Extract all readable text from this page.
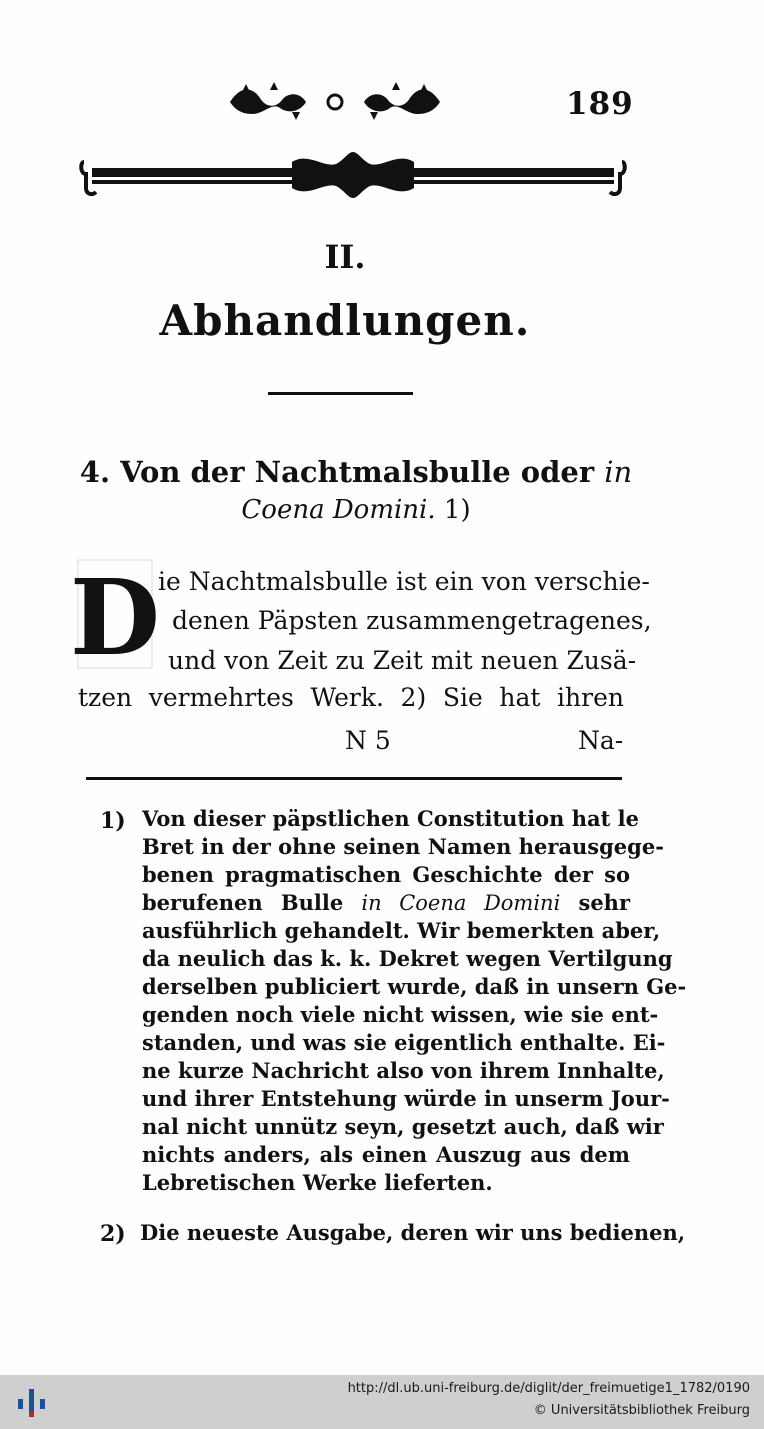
189
II.
Abhandlungen.
4. Von der Nachtmalsbulle oder in
Coena Domini. 1)
D
ie Nachtmalsbulle ist ein von verschie-
denen Päpsten zusammengetragenes,
und von Zeit zu Zeit mit neuen Zusä-
tzen vermehrtes Werk. 2) Sie hat ihren
N 5	Na-
1) Von dieser päpstlichen Constitution hat le
Bret in der ohne seinen Namen herausgege-
benen pragmatischen Geschichte der so
berufenen Bulle in Coena Domini sehr
ausführlich gehandelt. Wir bemerkten aber,
da neulich das k. k. Dekret wegen Vertilgung
derselben publiciert wurde, daß in unsern Ge-
genden noch viele nicht wissen, wie sie ent-
standen, und was sie eigentlich enthalte. Ei-
ne kurze Nachricht also von ihrem Innhalte,
und ihrer Entstehung würde in unserm Jour-
nal nicht unnütz seyn, gesetzt auch, daß wir
nichts anders, als einen Auszug aus dem
Lebretischen Werke lieferten.
2) Die neueste Ausgabe, deren wir uns bedienen,
http://dl.ub.uni-freiburg.de/diglit/der_freimuetige1_1782/0190
© Universitätsbibliothek Freiburg
